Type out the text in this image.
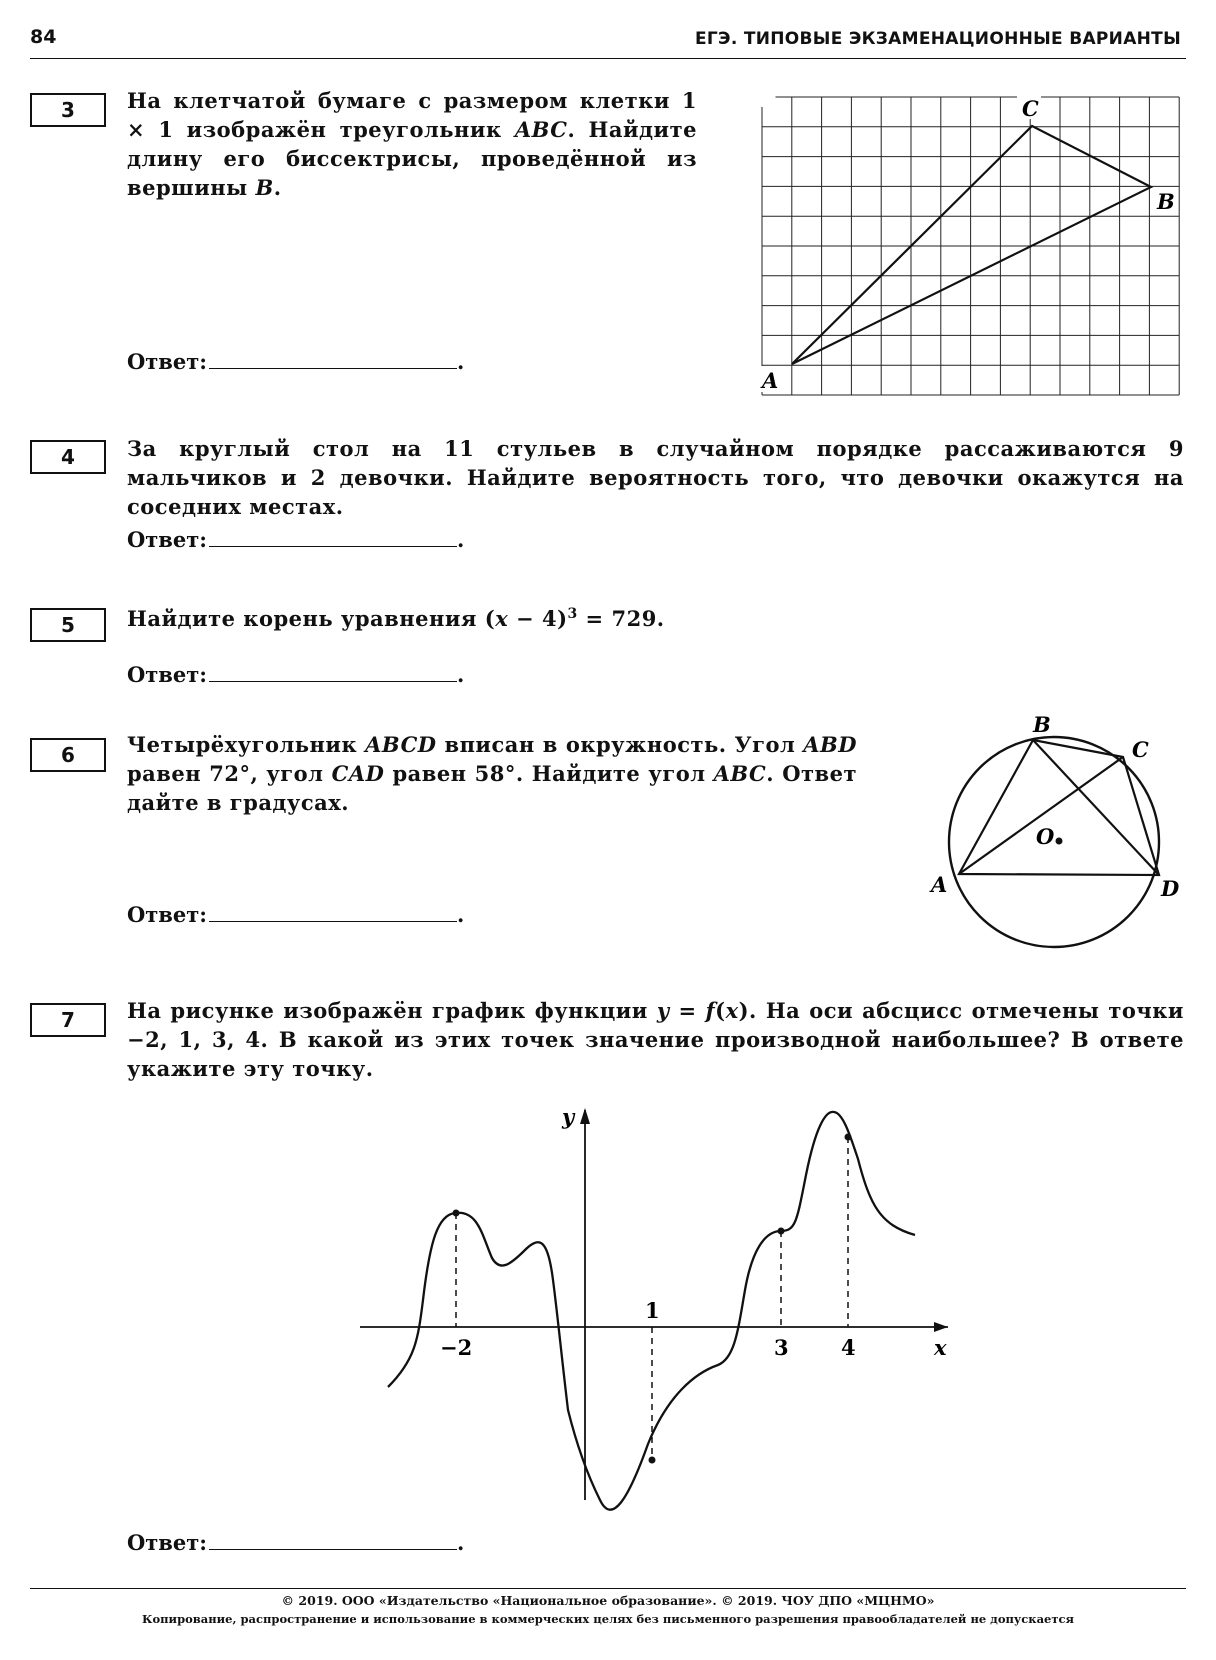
84	ЕГЭ. ТИПОВЫЕ ЭКЗАМЕНАЦИОННЫЕ ВАРИАНТЫ
3	На клетчатой бумаге с размером клетки 1 × 1 изображён треугольник ABC. Найдите длину его биссектрисы, проведённой из вершины B.
Ответ:	.
C
B
A
4	За круглый стол на 11 стульев в случайном порядке рассаживаются 9 мальчиков и 2 девочки. Найдите вероятность того, что девочки окажутся на соседних местах.
Ответ:	.
5	Найдите корень уравнения $(x - 4)^3 = 729$.
Ответ:	.
6	Четырёхугольник ABCD вписан в окружность. Угол ABD равен 72°, угол CAD равен 58°. Найдите угол ABC. Ответ дайте в градусах.
Ответ:	.
B
C
A	D
O
7	На рисунке изображён график функции y = f(x). На оси абсцисс отмечены точки −2, 1, 3, 4. В какой из этих точек значение производной наибольшее? В ответе укажите эту точку.
Ответ:	.
x
y
−2
1
3 4
© 2019. ООО «Издательство «Национальное образование». © 2019. ЧОУ ДПО «МЦНМО»
Копирование, распространение и использование в коммерческих целях без письменного разрешения правообладателей не допускается
